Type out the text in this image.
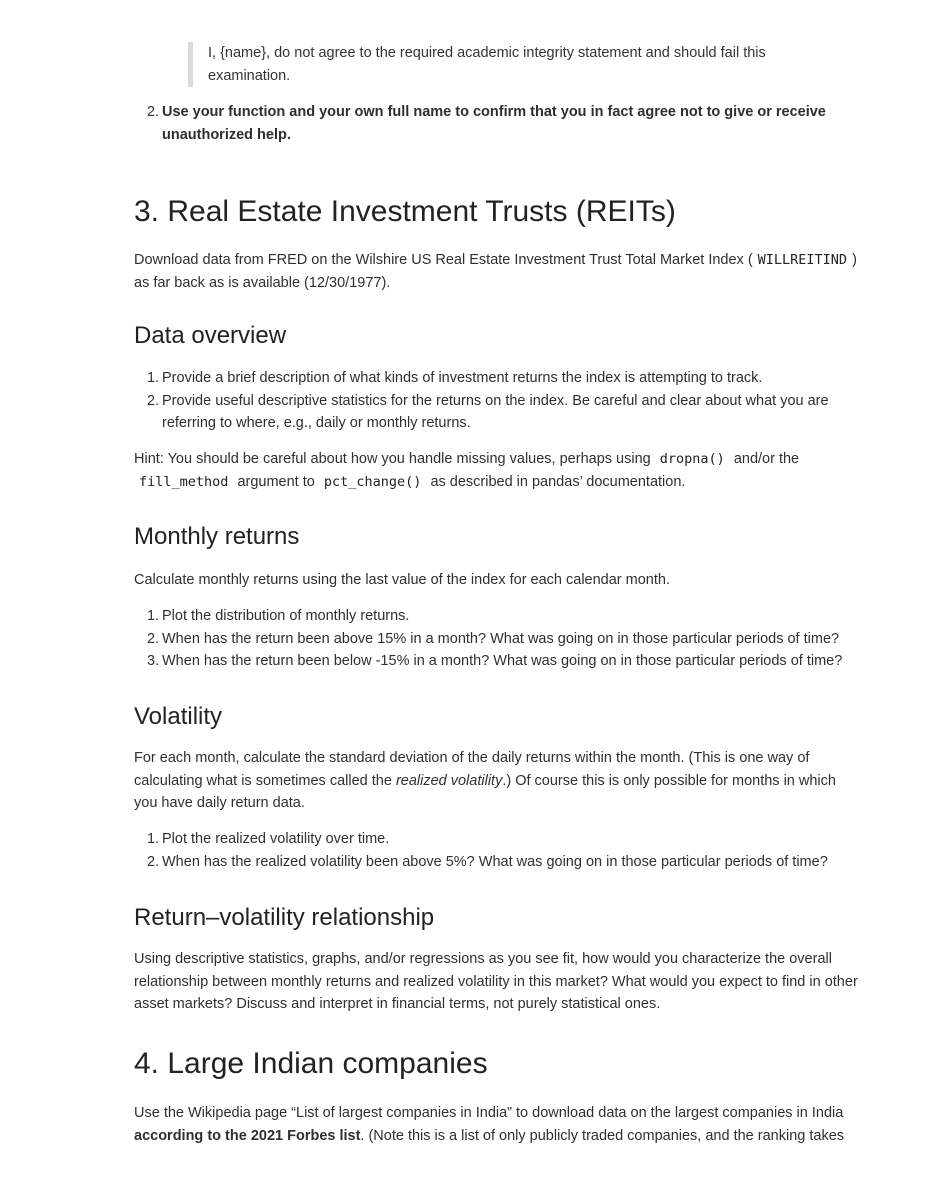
I, {name}, do not agree to the required academic integrity statement and should fail this examination.
2. Use your function and your own full name to confirm that you in fact agree not to give or receive unauthorized help.
3. Real Estate Investment Trusts (REITs)

Download data from FRED on the Wilshire US Real Estate Investment Trust Total Market Index ( WILLREITIND ) as far back as is available (12/30/1977).

Data overview
1. Provide a brief description of what kinds of investment returns the index is attempting to track.
2. Provide useful descriptive statistics for the returns on the index. Be careful and clear about what you are referring to where, e.g., daily or monthly returns.

Hint: You should be careful about how you handle missing values, perhaps using dropna() and/or the fill_method argument to pct_change() as described in pandas’ documentation.

Monthly returns

Calculate monthly returns using the last value of the index for each calendar month.

1. Plot the distribution of monthly returns.
2. When has the return been above 15% in a month? What was going on in those particular periods of time?
3. When has the return been below -15% in a month? What was going on in those particular periods of time?
Volatility

For each month, calculate the standard deviation of the daily returns within the month. (This is one way of calculating what is sometimes called the realized volatility.) Of course this is only possible for months in which you have daily return data.

1. Plot the realized volatility over time.
2. When has the realized volatility been above 5%? What was going on in those particular periods of time?
Return–volatility relationship

Using descriptive statistics, graphs, and/or regressions as you see fit, how would you characterize the overall relationship between monthly returns and realized volatility in this market? What would you expect to find in other asset markets? Discuss and interpret in financial terms, not purely statistical ones.

4. Large Indian companies

Use the Wikipedia page “List of largest companies in India” to download data on the largest companies in India according to the 2021 Forbes list. (Note this is a list of only publicly traded companies, and the ranking takes
